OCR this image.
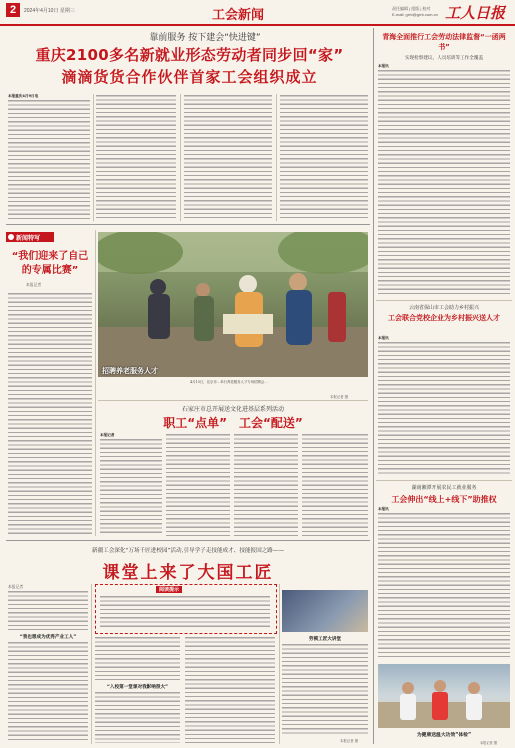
2	2024年4月10日 星期三	工会新闻	责任编辑 | 组版 | 校对
E-mail: grrb@grrb.com.cn 工人日报
靠前服务 按下建会“快进键”
重庆2100多名新就业形态劳动者同步回“家”
滴滴货货合作伙伴首家工会组织成立
本报重庆4月9日电
新闻特写
“我们迎来了自己的专属比赛”
本报记者
招聘养老服务人才
4月13日，北京市…举行养老服务人才专场招聘会…
本报记者 摄
石家庄市总开展送文化进基层系列活动
职工“点单”　工会“配送”
本报记者
新疆工会深化“万场千匠进校园”活动,引导学子走技能成才、技能报国之路——
课堂上来了大国工匠
本报记者
“我也想成为优秀产业工人”
阅读提示
“入校第一堂课对我影响很大”
劳模工匠大讲堂
本报记者 摄
青海全面推行工会劳动法律监督“一函两书”
实现检察建议、人员培训等工作全覆盖
本报讯
云南省保山市工会助力乡村振兴
工会联合党校企业为乡村振兴送人才
本报讯
湖南湘潭开展农民工就业服务
工会伸出“线上+线下”助推权
本报讯
为健康送温大功效“体检”
本报记者 摄
